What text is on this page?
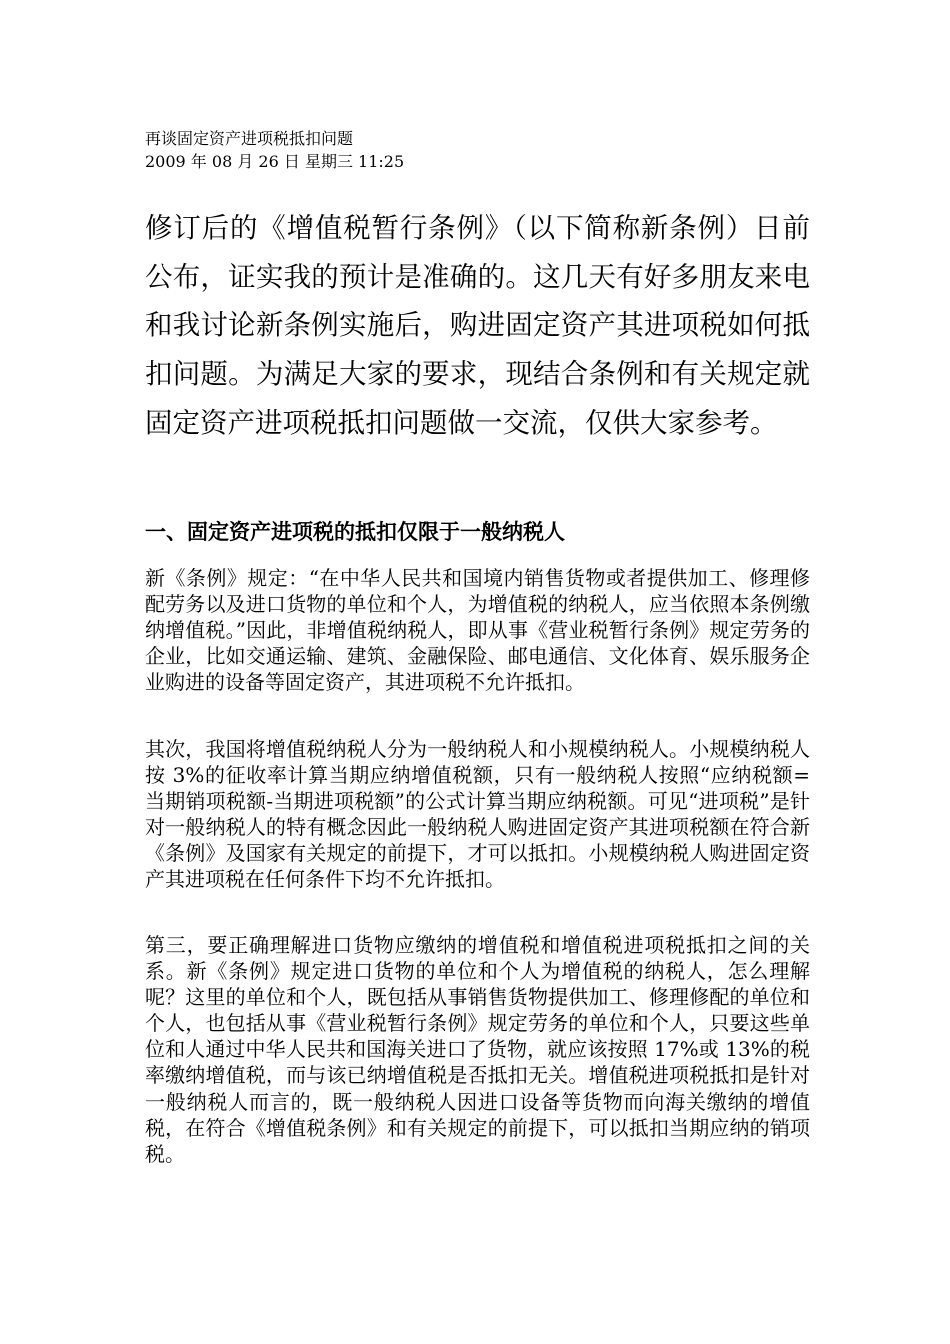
再谈固定资产进项税抵扣问题
2009 年 08 月 26 日 星期三 11:25

修订后的《增值税暂行条例》（以下简称新条例）日前公布，证实我的预计是准确的。这几天有好多朋友来电和我讨论新条例实施后，购进固定资产其进项税如何抵扣问题。为满足大家的要求，现结合条例和有关规定就固定资产进项税抵扣问题做一交流，仅供大家参考。

一、固定资产进项税的抵扣仅限于一般纳税人

新《条例》规定：“在中华人民共和国境内销售货物或者提供加工、修理修配劳务以及进口货物的单位和个人，为增值税的纳税人，应当依照本条例缴纳增值税。”因此，非增值税纳税人，即从事《营业税暂行条例》规定劳务的企业，比如交通运输、建筑、金融保险、邮电通信、文化体育、娱乐服务企业购进的设备等固定资产，其进项税不允许抵扣。

其次，我国将增值税纳税人分为一般纳税人和小规模纳税人。小规模纳税人按 3%的征收率计算当期应纳增值税额，只有一般纳税人按照“应纳税额=当期销项税额-当期进项税额”的公式计算当期应纳税额。可见“进项税”是针对一般纳税人的特有概念因此一般纳税人购进固定资产其进项税额在符合新《条例》及国家有关规定的前提下，才可以抵扣。小规模纳税人购进固定资产其进项税在任何条件下均不允许抵扣。

第三，要正确理解进口货物应缴纳的增值税和增值税进项税抵扣之间的关系。新《条例》规定进口货物的单位和个人为增值税的纳税人，怎么理解呢？这里的单位和个人，既包括从事销售货物提供加工、修理修配的单位和个人，也包括从事《营业税暂行条例》规定劳务的单位和个人，只要这些单位和人通过中华人民共和国海关进口了货物，就应该按照 17%或 13%的税率缴纳增值税，而与该已纳增值税是否抵扣无关。增值税进项税抵扣是针对一般纳税人而言的，既一般纳税人因进口设备等货物而向海关缴纳的增值税，在符合《增值税条例》和有关规定的前提下，可以抵扣当期应纳的销项税。
